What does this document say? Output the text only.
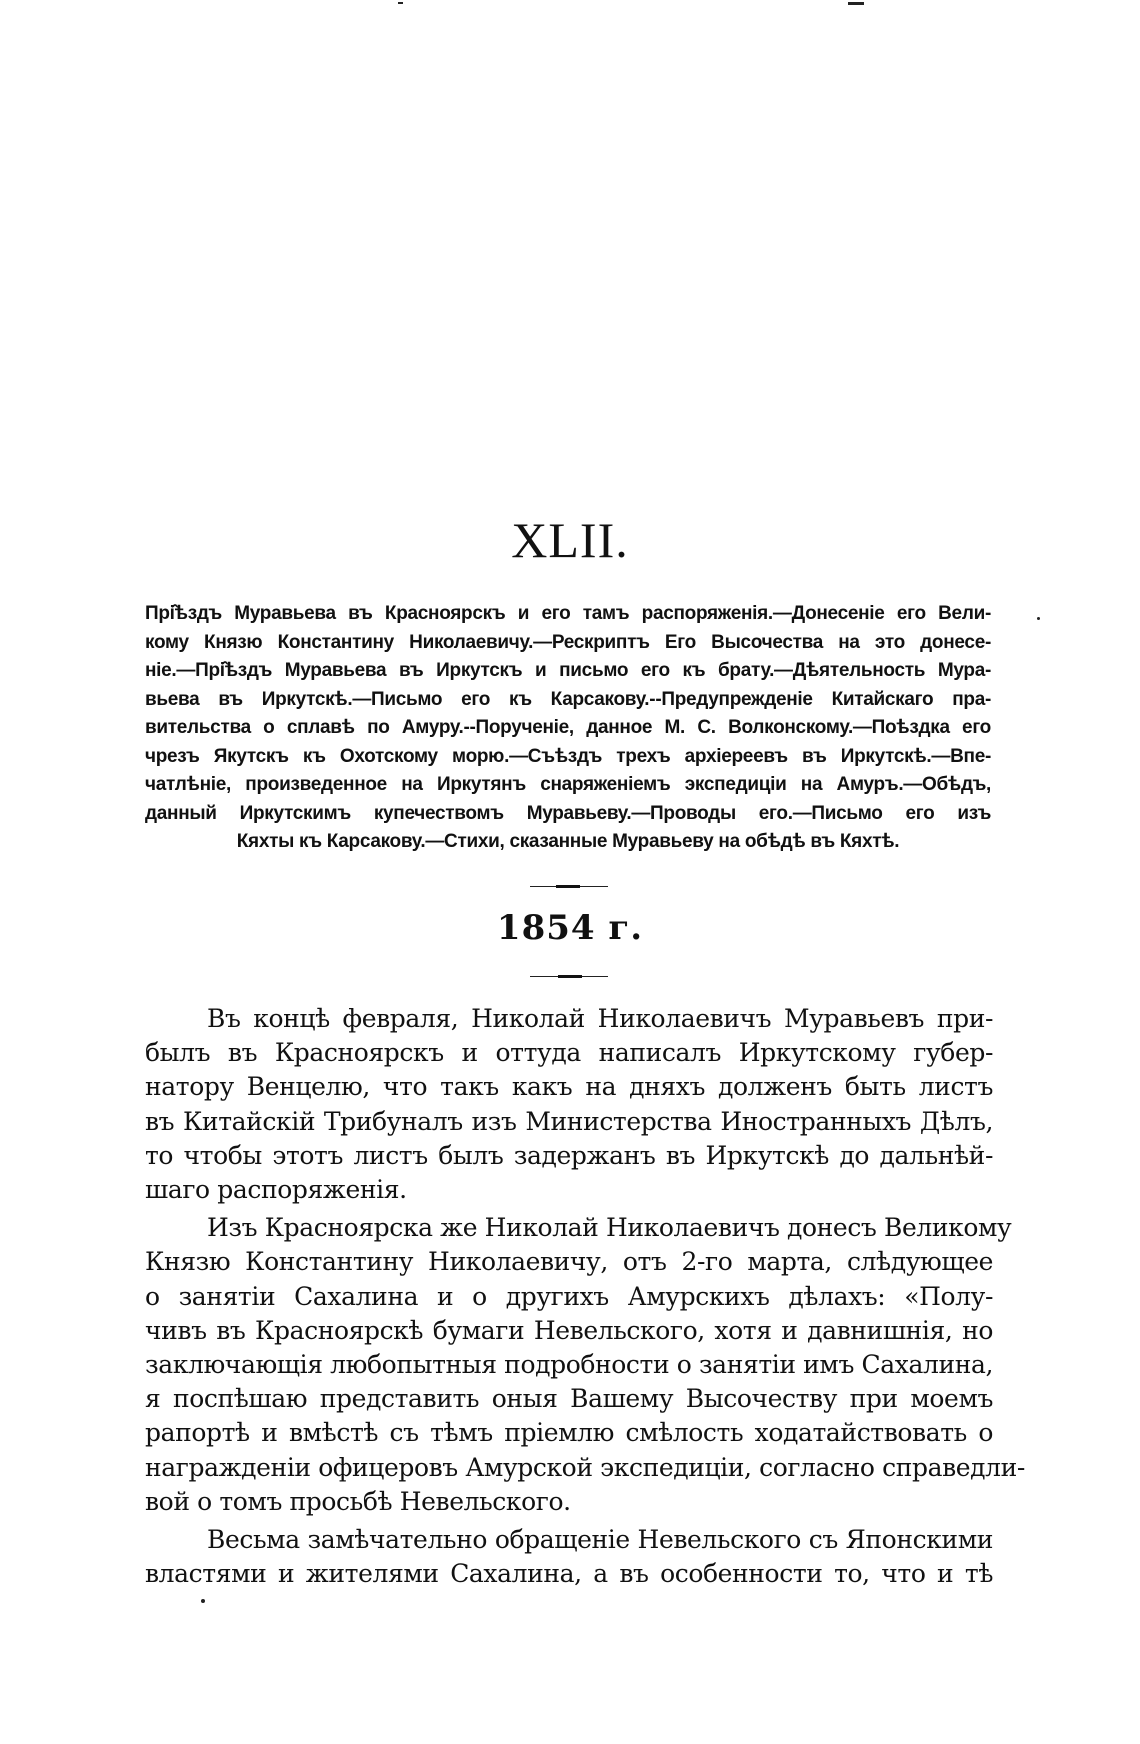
XLII.
Прі̂ѣздъ Муравьева въ Красноярскъ и его тамъ распоряженія.—Донесеніе его Вели-
кому Князю Константину Николаевичу.—Рескриптъ Его Высочества на это донесе-
ніе.—Прі̂ѣздъ Муравьева въ Иркутскъ и письмо его къ брату.—Дѣятельность Мура-
вьева въ Иркутскѣ.—Письмо его къ Карсакову.--Предупрежденіе Китайскаго пра-
вительства о сплавѣ по Амуру.--Порученіе, данное М. С. Волконскому.—Поѣздка его
чрезъ Якутскъ къ Охотскому морю.—Съѣздъ трехъ архіереевъ въ Иркутскѣ.—Впе-
чатлѣніе, произведенное на Иркутянъ снаряженіемъ экспедиціи на Амуръ.—Обѣдъ,
данный Иркутскимъ купечествомъ Муравьеву.—Проводы его.—Письмо его изъ
Кяхты къ Карсакову.—Стихи, сказанные Муравьеву на обѣдѣ въ Кяхтѣ.
1854 г.
Въ концѣ февраля, Николай Николаевичъ Муравьевъ при-
былъ въ Красноярскъ и оттуда написалъ Иркутскому губер-
натору Венцелю, что такъ какъ на дняхъ долженъ быть листъ
въ Китайскій Трибуналъ изъ Министерства Иностранныхъ Дѣлъ,
то чтобы этотъ листъ былъ задержанъ въ Иркутскѣ до дальнѣй-
шаго распоряженія.
Изъ Красноярска же Николай Николаевичъ донесъ Великому
Князю Константину Николаевичу, отъ 2-го марта, слѣдующее
о занятіи Сахалина и о другихъ Амурскихъ дѣлахъ: «Полу-
чивъ въ Красноярскѣ бумаги Невельского, хотя и давнишнія, но
заключающія любопытныя подробности о занятіи имъ Сахалина,
я поспѣшаю представить оныя Вашему Высочеству при моемъ
рапортѣ и вмѣстѣ съ тѣмъ пріемлю смѣлость ходатайствовать о
награжденіи офицеровъ Амурской экспедиціи, согласно справедли-
вой о томъ просьбѣ Невельского.
Весьма замѣчательно обращеніе Невельского съ Японскими
властями и жителями Сахалина, а въ особенности то, что и тѣ
